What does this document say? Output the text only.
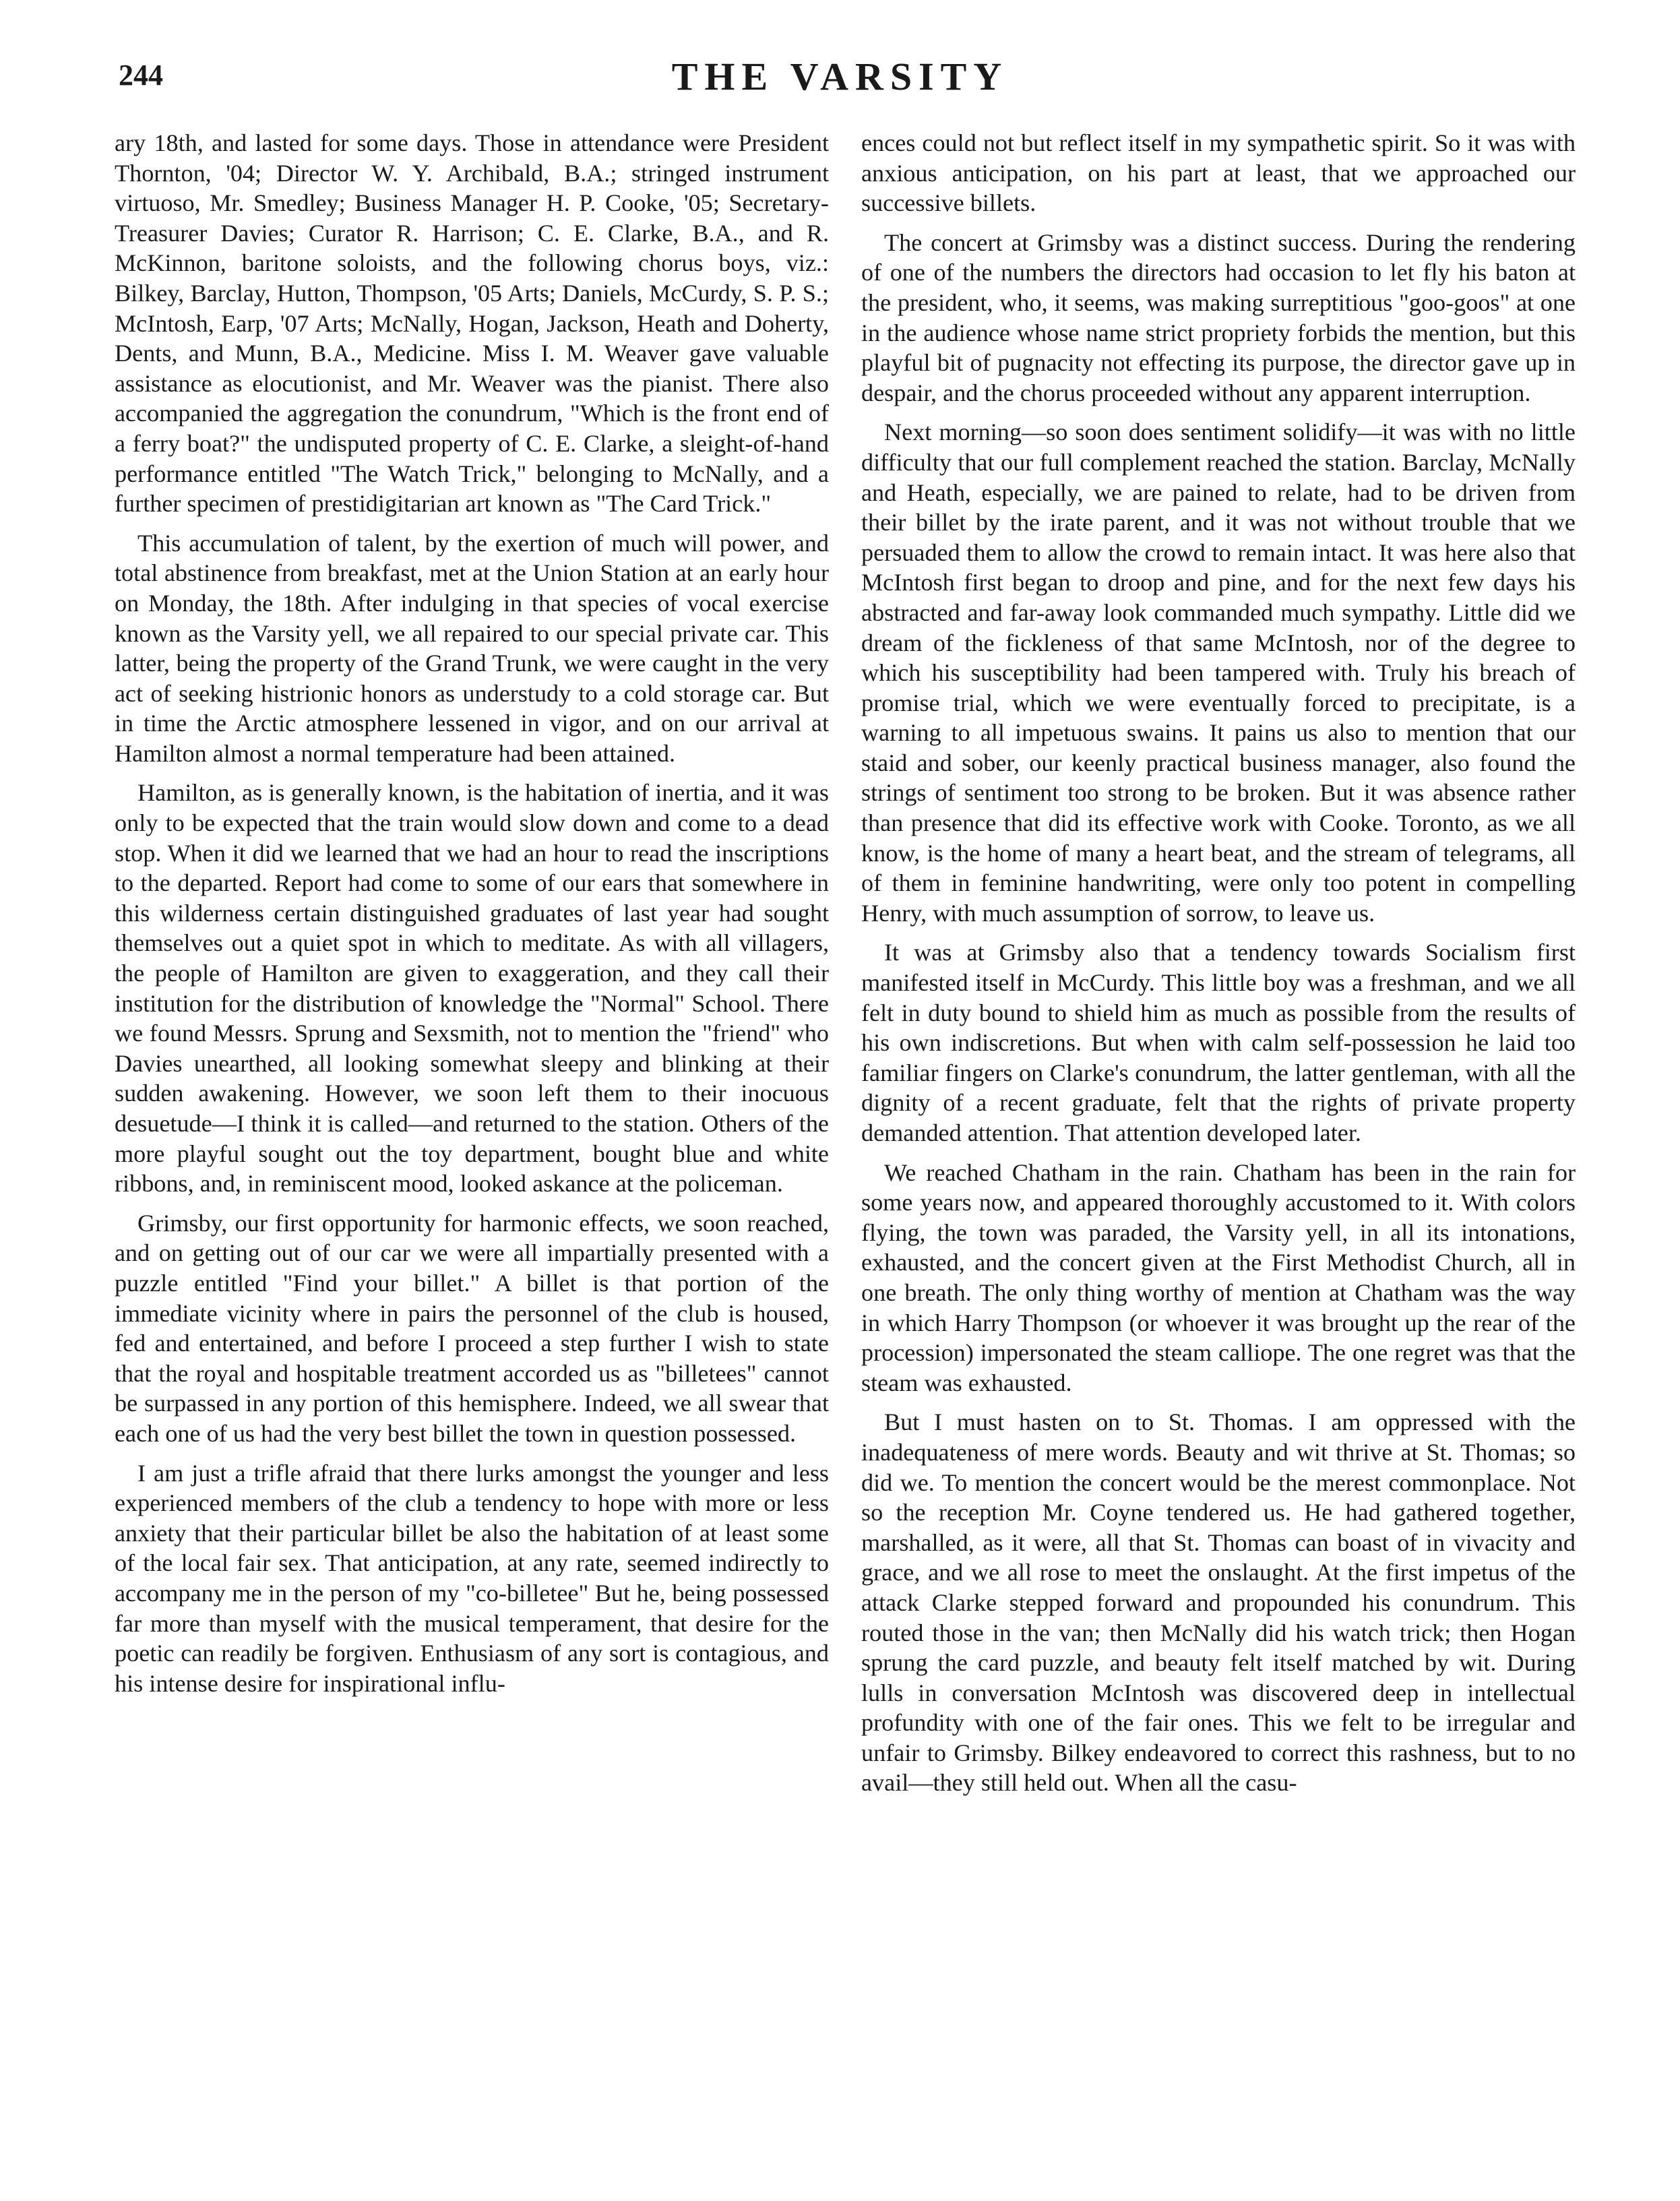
244	THE VARSITY

ary 18th, and lasted for some days. Those in attendance were President Thornton, '04; Director W. Y. Archibald, B.A.; stringed instrument virtuoso, Mr. Smedley; Business Manager H. P. Cooke, '05; Secretary-Treasurer Davies; Curator R. Harrison; C. E. Clarke, B.A., and R. McKinnon, baritone soloists, and the following chorus boys, viz.: Bilkey, Barclay, Hutton, Thompson, '05 Arts; Daniels, McCurdy, S. P. S.; McIntosh, Earp, '07 Arts; McNally, Hogan, Jackson, Heath and Doherty, Dents, and Munn, B.A., Medicine. Miss I. M. Weaver gave valuable assistance as elocutionist, and Mr. Weaver was the pianist. There also accompanied the aggregation the conundrum, "Which is the front end of a ferry boat?" the undisputed property of C. E. Clarke, a sleight-of-hand performance entitled "The Watch Trick," belonging to McNally, and a further specimen of prestidigitarian art known as "The Card Trick."

This accumulation of talent, by the exertion of much will power, and total abstinence from breakfast, met at the Union Station at an early hour on Monday, the 18th. After indulging in that species of vocal exercise known as the Varsity yell, we all repaired to our special private car. This latter, being the property of the Grand Trunk, we were caught in the very act of seeking histrionic honors as understudy to a cold storage car. But in time the Arctic atmosphere lessened in vigor, and on our arrival at Hamilton almost a normal temperature had been attained.

Hamilton, as is generally known, is the habitation of inertia, and it was only to be expected that the train would slow down and come to a dead stop. When it did we learned that we had an hour to read the inscriptions to the departed. Report had come to some of our ears that somewhere in this wilderness certain distinguished graduates of last year had sought themselves out a quiet spot in which to meditate. As with all villagers, the people of Hamilton are given to exaggeration, and they call their institution for the distribution of knowledge the "Normal" School. There we found Messrs. Sprung and Sexsmith, not to mention the "friend" who Davies unearthed, all looking somewhat sleepy and blinking at their sudden awakening. However, we soon left them to their inocuous desuetude—I think it is called—and returned to the station. Others of the more playful sought out the toy department, bought blue and white ribbons, and, in reminiscent mood, looked askance at the policeman.

Grimsby, our first opportunity for harmonic effects, we soon reached, and on getting out of our car we were all impartially presented with a puzzle entitled "Find your billet." A billet is that portion of the immediate vicinity where in pairs the personnel of the club is housed, fed and entertained, and before I proceed a step further I wish to state that the royal and hospitable treatment accorded us as "billetees" cannot be surpassed in any portion of this hemisphere. Indeed, we all swear that each one of us had the very best billet the town in question possessed.

I am just a trifle afraid that there lurks amongst the younger and less experienced members of the club a tendency to hope with more or less anxiety that their particular billet be also the habitation of at least some of the local fair sex. That anticipation, at any rate, seemed indirectly to accompany me in the person of my "co-billetee" But he, being possessed far more than myself with the musical temperament, that desire for the poetic can readily be forgiven. Enthusiasm of any sort is contagious, and his intense desire for inspirational influ-

ences could not but reflect itself in my sympathetic spirit. So it was with anxious anticipation, on his part at least, that we approached our successive billets.

The concert at Grimsby was a distinct success. During the rendering of one of the numbers the directors had occasion to let fly his baton at the president, who, it seems, was making surreptitious "goo-goos" at one in the audience whose name strict propriety forbids the mention, but this playful bit of pugnacity not effecting its purpose, the director gave up in despair, and the chorus proceeded without any apparent interruption.

Next morning—so soon does sentiment solidify—it was with no little difficulty that our full complement reached the station. Barclay, McNally and Heath, especially, we are pained to relate, had to be driven from their billet by the irate parent, and it was not without trouble that we persuaded them to allow the crowd to remain intact. It was here also that McIntosh first began to droop and pine, and for the next few days his abstracted and far-away look commanded much sympathy. Little did we dream of the fickleness of that same McIntosh, nor of the degree to which his susceptibility had been tampered with. Truly his breach of promise trial, which we were eventually forced to precipitate, is a warning to all impetuous swains. It pains us also to mention that our staid and sober, our keenly practical business manager, also found the strings of sentiment too strong to be broken. But it was absence rather than presence that did its effective work with Cooke. Toronto, as we all know, is the home of many a heart beat, and the stream of telegrams, all of them in feminine handwriting, were only too potent in compelling Henry, with much assumption of sorrow, to leave us.

It was at Grimsby also that a tendency towards Socialism first manifested itself in McCurdy. This little boy was a freshman, and we all felt in duty bound to shield him as much as possible from the results of his own indiscretions. But when with calm self-possession he laid too familiar fingers on Clarke's conundrum, the latter gentleman, with all the dignity of a recent graduate, felt that the rights of private property demanded attention. That attention developed later.

We reached Chatham in the rain. Chatham has been in the rain for some years now, and appeared thoroughly accustomed to it. With colors flying, the town was paraded, the Varsity yell, in all its intonations, exhausted, and the concert given at the First Methodist Church, all in one breath. The only thing worthy of mention at Chatham was the way in which Harry Thompson (or whoever it was brought up the rear of the procession) impersonated the steam calliope. The one regret was that the steam was exhausted.

But I must hasten on to St. Thomas. I am oppressed with the inadequateness of mere words. Beauty and wit thrive at St. Thomas; so did we. To mention the concert would be the merest commonplace. Not so the reception Mr. Coyne tendered us. He had gathered together, marshalled, as it were, all that St. Thomas can boast of in vivacity and grace, and we all rose to meet the onslaught. At the first impetus of the attack Clarke stepped forward and propounded his conundrum. This routed those in the van; then McNally did his watch trick; then Hogan sprung the card puzzle, and beauty felt itself matched by wit. During lulls in conversation McIntosh was discovered deep in intellectual profundity with one of the fair ones. This we felt to be irregular and unfair to Grimsby. Bilkey endeavored to correct this rashness, but to no avail—they still held out. When all the casu-
